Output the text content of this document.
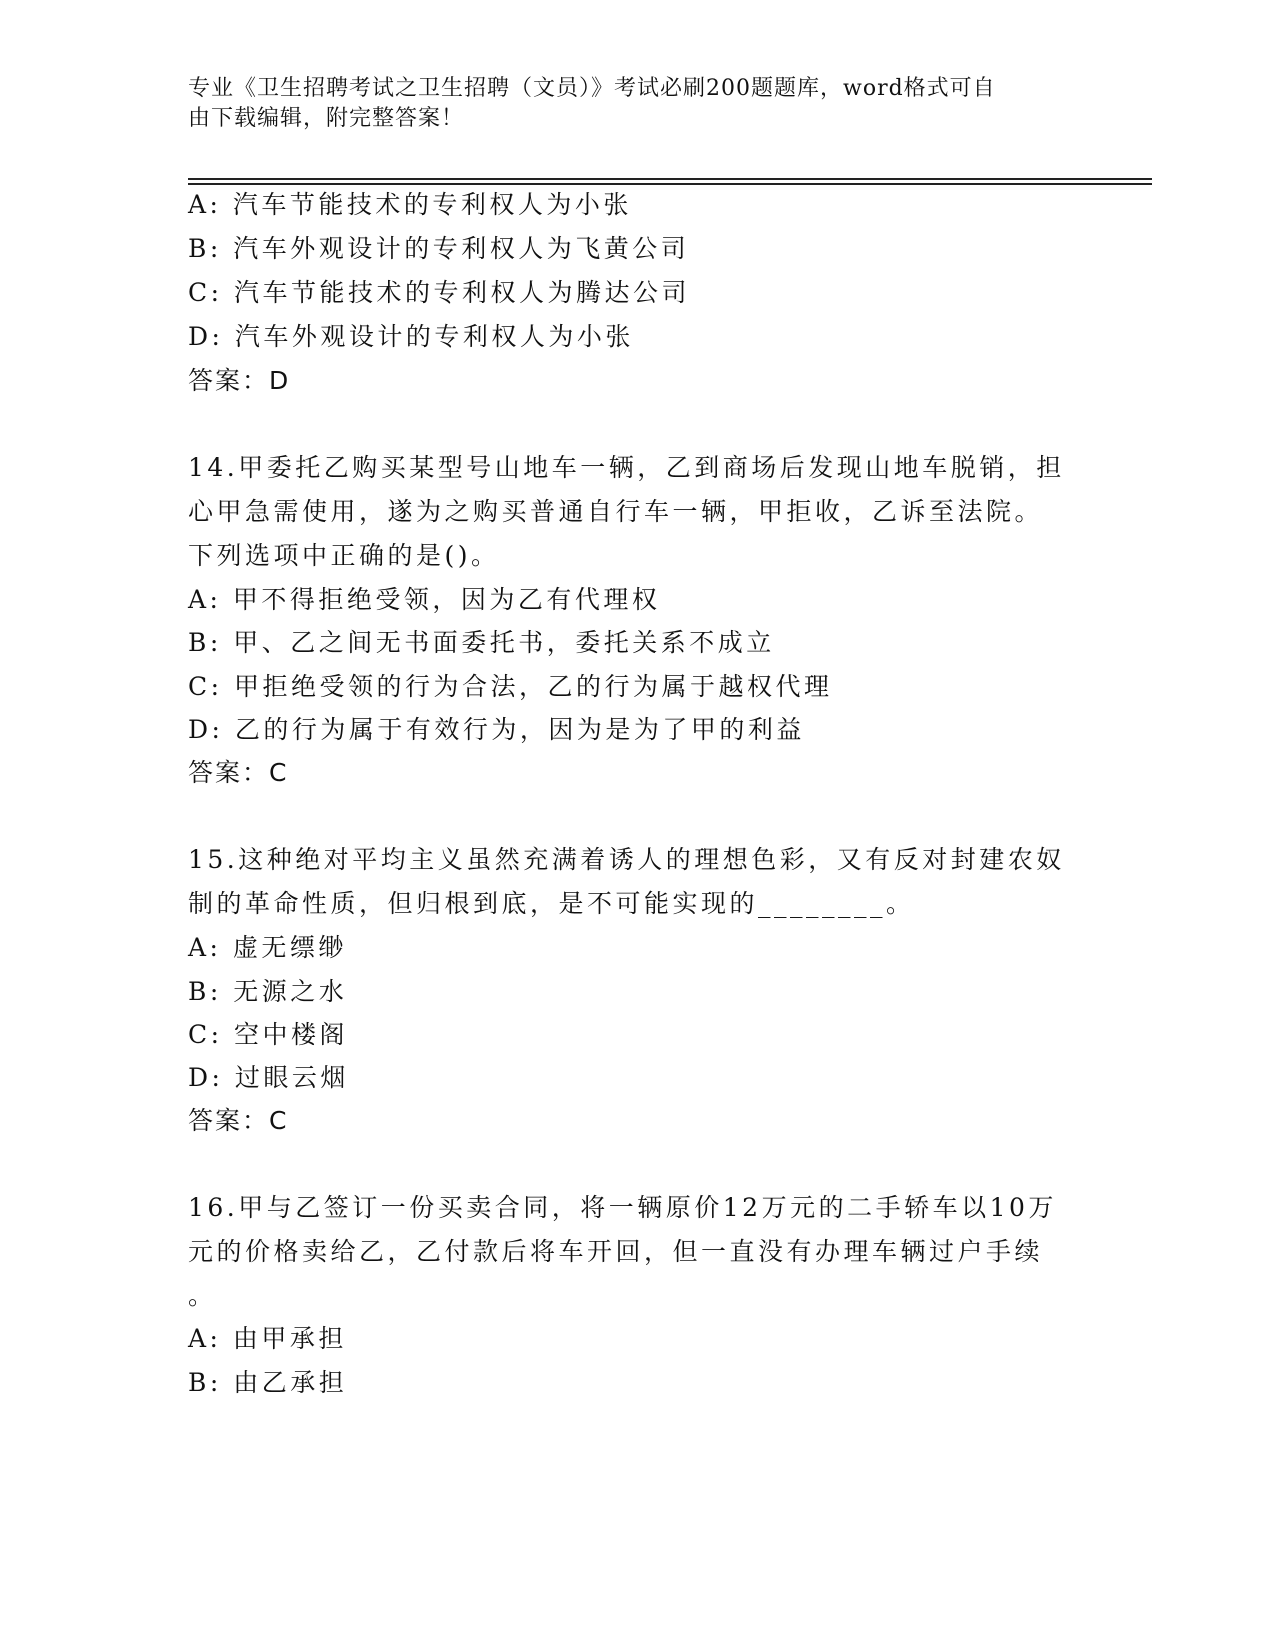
专业《卫生招聘考试之卫生招聘（文员）》考试必刷200题题库，word格式可自
由下载编辑，附完整答案！
A: 汽车节能技术的专利权人为小张
B: 汽车外观设计的专利权人为飞黄公司
C: 汽车节能技术的专利权人为腾达公司
D: 汽车外观设计的专利权人为小张
答案：D
14.甲委托乙购买某型号山地车一辆，乙到商场后发现山地车脱销，担
心甲急需使用，遂为之购买普通自行车一辆，甲拒收，乙诉至法院。
下列选项中正确的是()。
A: 甲不得拒绝受领，因为乙有代理权
B: 甲、乙之间无书面委托书，委托关系不成立
C: 甲拒绝受领的行为合法，乙的行为属于越权代理
D: 乙的行为属于有效行为，因为是为了甲的利益
答案：C
15.这种绝对平均主义虽然充满着诱人的理想色彩，又有反对封建农奴
制的革命性质，但归根到底，是不可能实现的________。
A: 虚无缥缈
B: 无源之水
C: 空中楼阁
D: 过眼云烟
答案：C
16.甲与乙签订一份买卖合同，将一辆原价12万元的二手轿车以10万
元的价格卖给乙，乙付款后将车开回，但一直没有办理车辆过户手续
。
A: 由甲承担
B: 由乙承担
